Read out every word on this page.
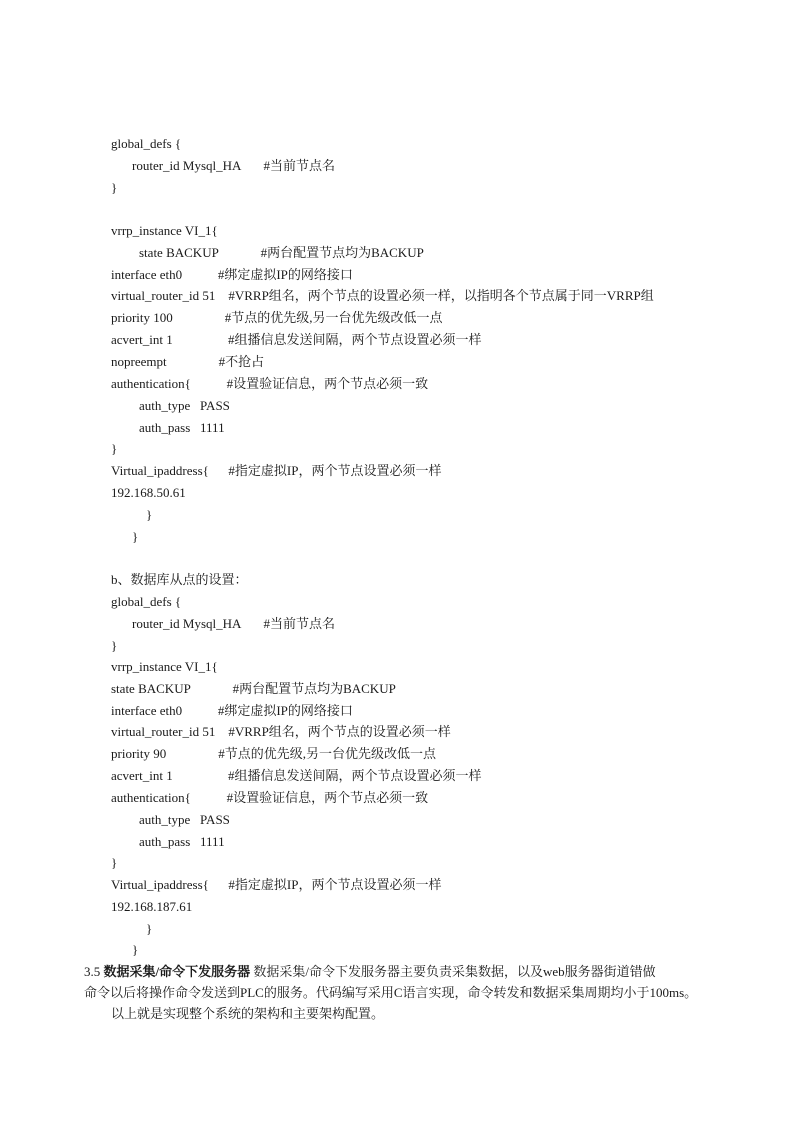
global_defs {
router_id Mysql_HA       #当前节点名
}
vrrp_instance VI_1{
state BACKUP             #两台配置节点均为BACKUP
interface eth0           #绑定虚拟IP的网络接口
virtual_router_id 51    #VRRP组名，两个节点的设置必须一样，以指明各个节点属于同一VRRP组
priority 100                #节点的优先级,另一台优先级改低一点
acvert_int 1                 #组播信息发送间隔，两个节点设置必须一样
nopreempt                #不抢占
authentication{           #设置验证信息，两个节点必须一致
auth_type   PASS
auth_pass   1111
}
Virtual_ipaddress{      #指定虚拟IP，两个节点设置必须一样
192.168.50.61
}
}
b、数据库从点的设置：
global_defs {
router_id Mysql_HA       #当前节点名
}
vrrp_instance VI_1{
state BACKUP             #两台配置节点均为BACKUP
interface eth0           #绑定虚拟IP的网络接口
virtual_router_id 51    #VRRP组名，两个节点的设置必须一样
priority 90                #节点的优先级,另一台优先级改低一点
acvert_int 1                 #组播信息发送间隔，两个节点设置必须一样
authentication{           #设置验证信息，两个节点必须一致
auth_type   PASS
auth_pass   1111
}
Virtual_ipaddress{      #指定虚拟IP，两个节点设置必须一样
192.168.187.61
}
}
3.5 数据采集/命令下发服务器 数据采集/命令下发服务器主要负责采集数据，以及web服务器街道错做
命令以后将操作命令发送到PLC的服务。代码编写采用C语言实现，命令转发和数据采集周期均小于100ms。
以上就是实现整个系统的架构和主要架构配置。
